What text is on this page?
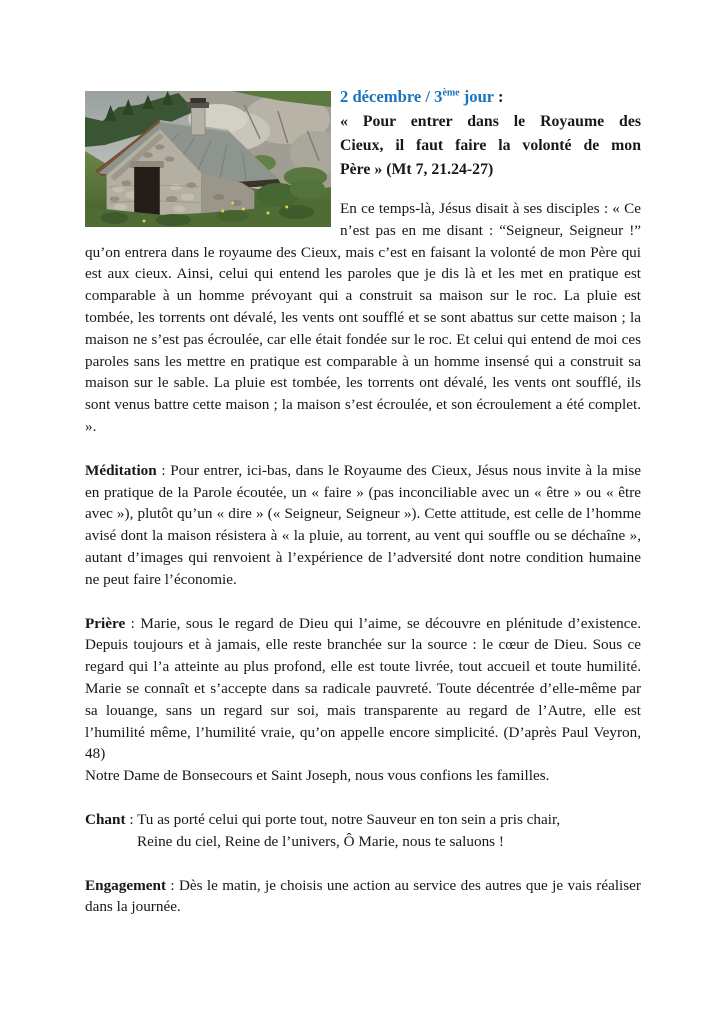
2 décembre / 3ème jour :
« Pour entrer dans le Royaume des
Cieux, il faut faire la volonté de mon
Père » (Mt 7, 21.24-27)

En ce temps-là, Jésus disait à ses disciples : « Ce n’est pas en me disant : “Seigneur, Seigneur !” qu’on entrera dans le royaume des Cieux, mais c’est en faisant la volonté de mon Père qui est aux cieux. Ainsi, celui qui entend les paroles que je dis là et les met en pratique est comparable à un homme prévoyant qui a construit sa maison sur le roc. La pluie est tombée, les torrents ont dévalé, les vents ont soufflé et se sont abattus sur cette maison ; la maison ne s’est pas écroulée, car elle était fondée sur le roc. Et celui qui entend de moi ces paroles sans les mettre en pratique est comparable à un homme insensé qui a construit sa maison sur le sable. La pluie est tombée, les torrents ont dévalé, les vents ont soufflé, ils sont venus battre cette maison ; la maison s’est écroulée, et son écroulement a été complet. ».

Méditation : Pour entrer, ici-bas, dans le Royaume des Cieux, Jésus nous invite à la mise en pratique de la Parole écoutée, un « faire » (pas inconciliable avec un « être » ou « être avec »), plutôt qu’un « dire » (« Seigneur, Seigneur »). Cette attitude, est celle de l’homme avisé dont la maison résistera à « la pluie, au torrent, au vent qui souffle ou se déchaîne », autant d’images qui renvoient à l’expérience de l’adversité dont notre condition humaine ne peut faire l’économie.

Prière : Marie, sous le regard de Dieu qui l’aime, se découvre en plénitude d’existence. Depuis toujours et à jamais, elle reste branchée sur la source : le cœur de Dieu. Sous ce regard qui l’a atteinte au plus profond, elle est toute livrée, tout accueil et toute humilité. Marie se connaît et s’accepte dans sa radicale pauvreté. Toute décentrée d’elle-même par sa louange, sans un regard sur soi, mais transparente au regard de l’Autre, elle est l’humilité même, l’humilité vraie, qu’on appelle encore simplicité. (D’après Paul Veyron, 48)
Notre Dame de Bonsecours et Saint Joseph, nous vous confions les familles.

Chant : Tu as porté celui qui porte tout, notre Sauveur en ton sein a pris chair,
Reine du ciel, Reine de l’univers, Ô Marie, nous te saluons !

Engagement : Dès le matin, je choisis une action au service des autres que je vais réaliser dans la journée.
